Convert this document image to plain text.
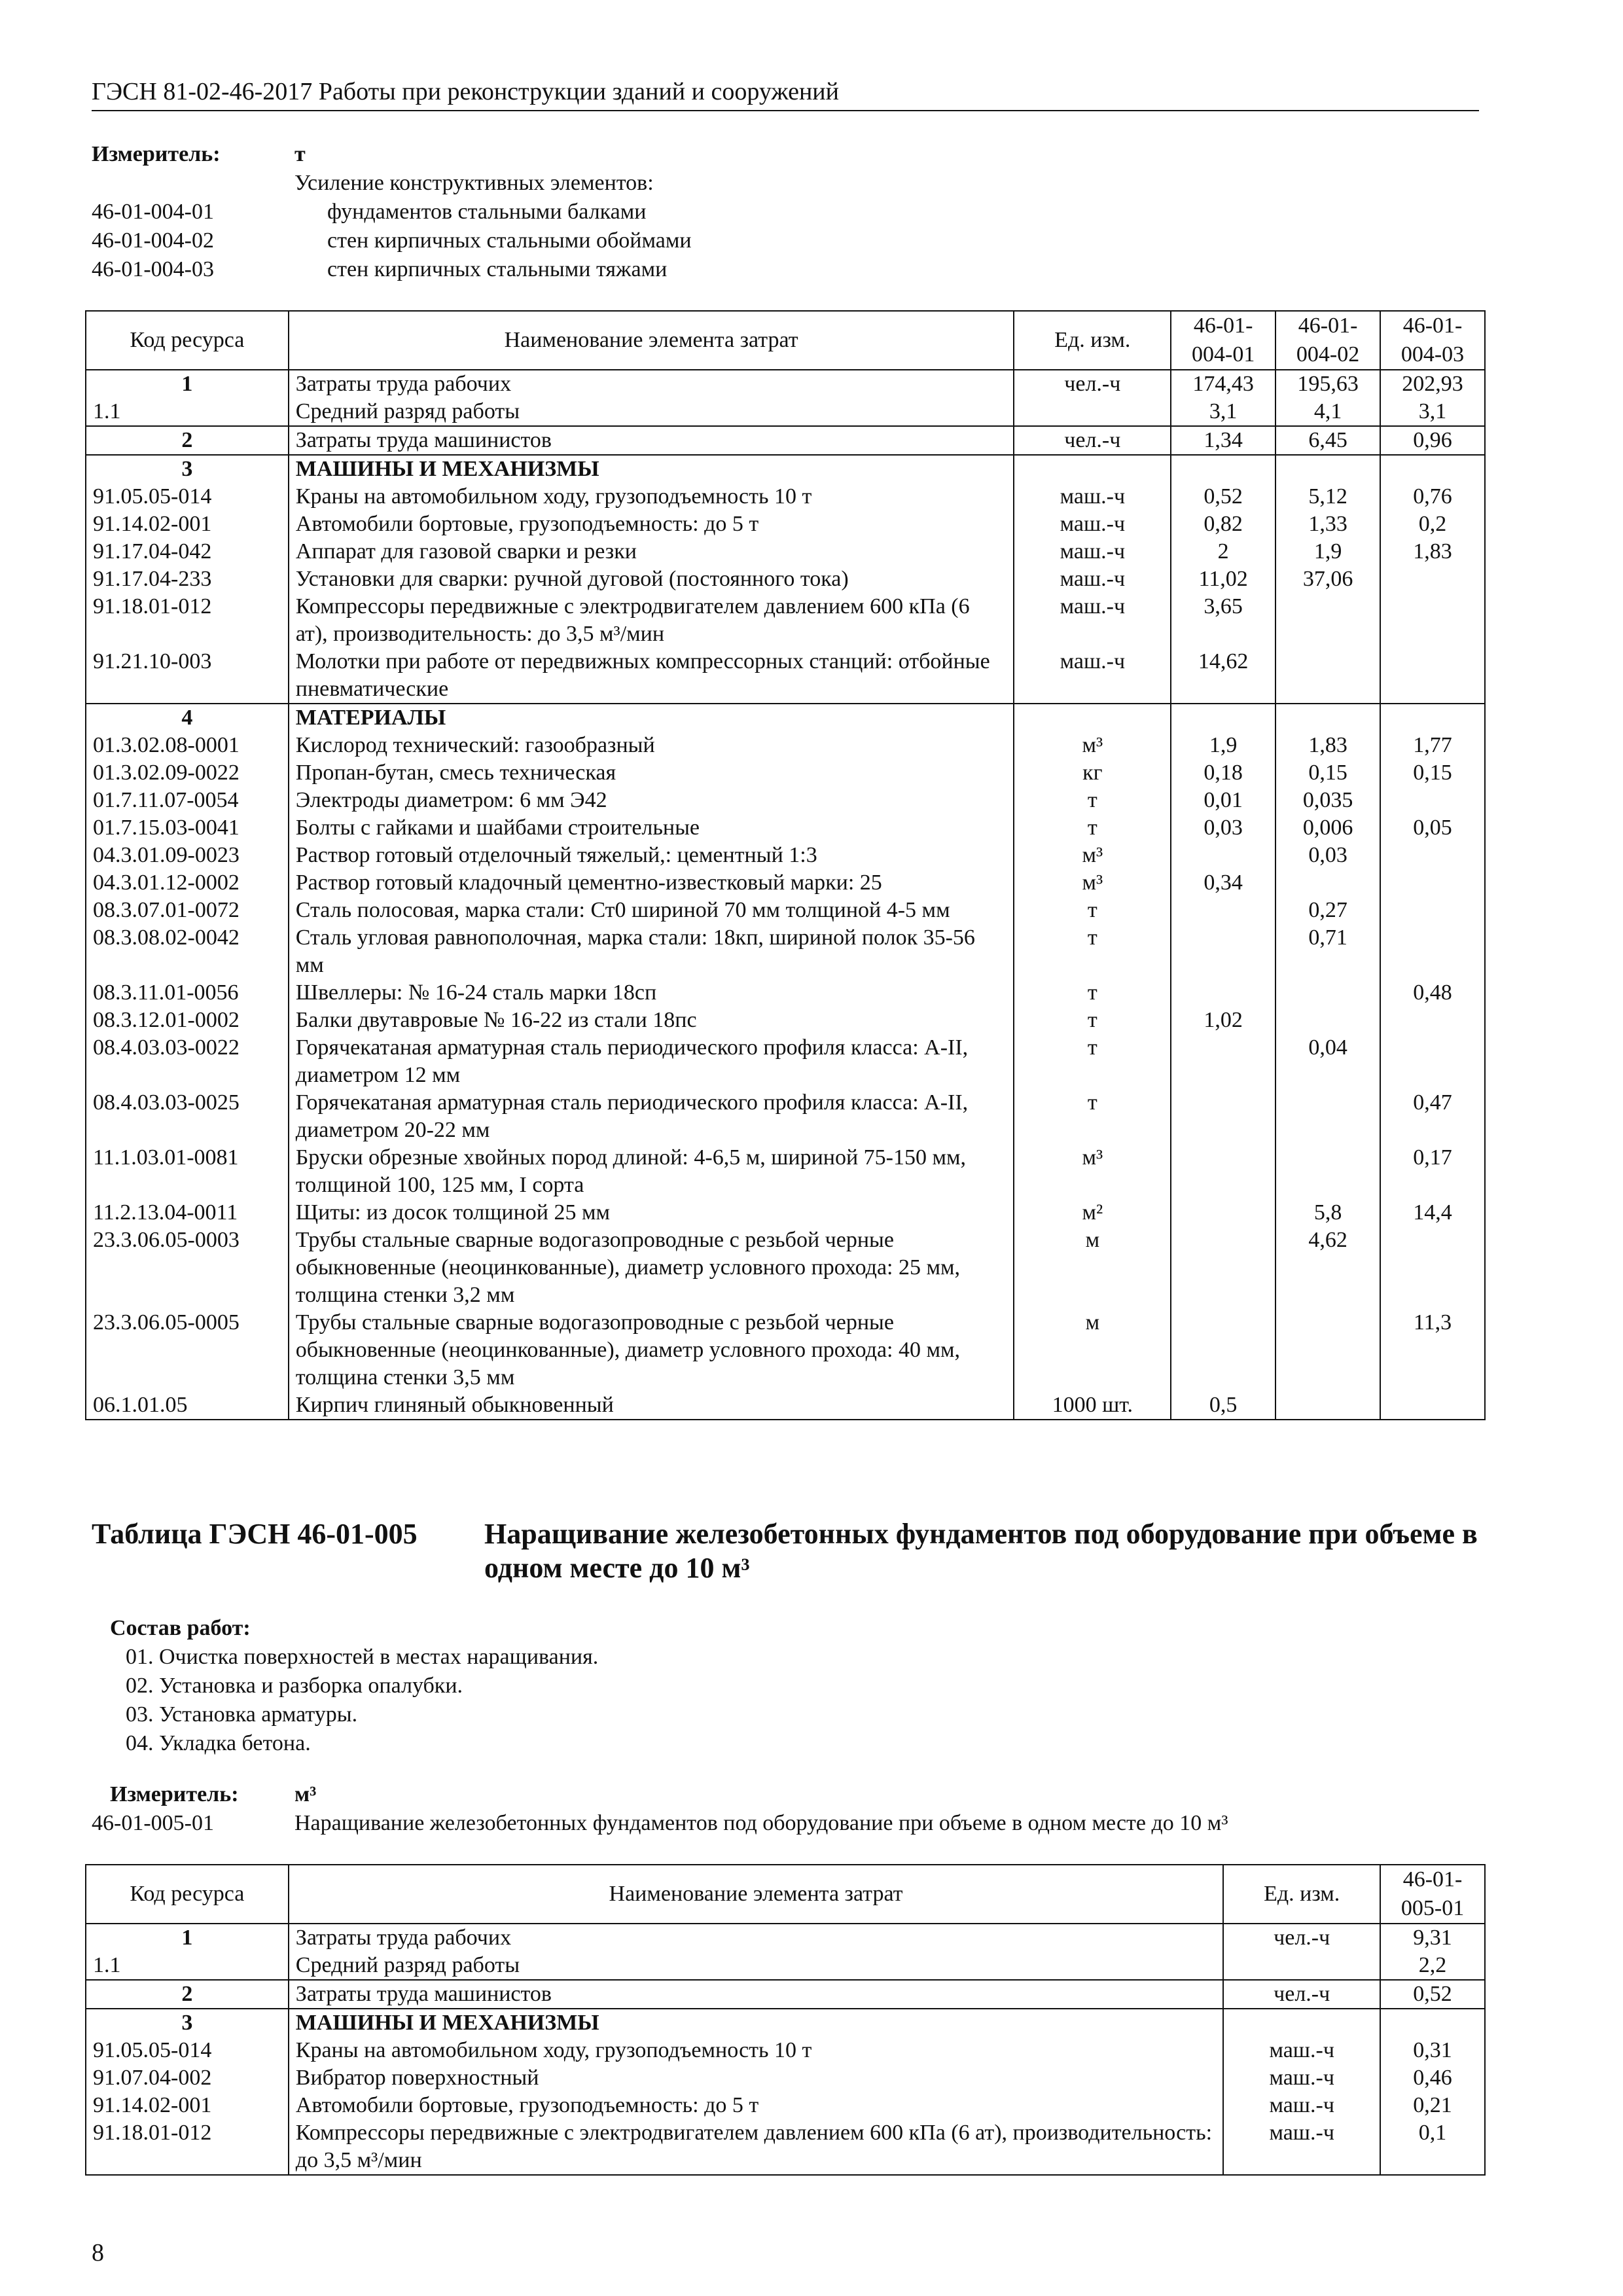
ГЭСН 81-02-46-2017 Работы при реконструкции зданий и сооружений
Измеритель:	т
Усиление конструктивных элементов:
46-01-004-01	фундаментов стальными балками
46-01-004-02	стен кирпичных стальными обоймами
46-01-004-03	стен кирпичных стальными тяжами
Код ресурса	Наименование элемента затрат	Ед. изм.	46-01-004-01	46-01-004-02	46-01-004-03
1	Затраты труда рабочих	чел.-ч	174,43	195,63	202,93
1.1	Средний разряд работы		3,1	4,1	3,1
2	Затраты труда машинистов	чел.-ч	1,34	6,45	0,96
3	МАШИНЫ И МЕХАНИЗМЫ				
91.05.05-014	Краны на автомобильном ходу, грузоподъемность 10 т	маш.-ч	0,52	5,12	0,76
91.14.02-001	Автомобили бортовые, грузоподъемность: до 5 т	маш.-ч	0,82	1,33	0,2
91.17.04-042	Аппарат для газовой сварки и резки	маш.-ч	2	1,9	1,83
91.17.04-233	Установки для сварки: ручной дуговой (постоянного тока)	маш.-ч	11,02	37,06	
91.18.01-012	Компрессоры передвижные с электродвигателем давлением 600 кПа (6 ат), производительность: до 3,5 м³/мин	маш.-ч	3,65		
91.21.10-003	Молотки при работе от передвижных компрессорных станций: отбойные пневматические	маш.-ч	14,62		
4	МАТЕРИАЛЫ				
01.3.02.08-0001	Кислород технический: газообразный	м³	1,9	1,83	1,77
01.3.02.09-0022	Пропан-бутан, смесь техническая	кг	0,18	0,15	0,15
01.7.11.07-0054	Электроды диаметром: 6 мм Э42	т	0,01	0,035	
01.7.15.03-0041	Болты с гайками и шайбами строительные	т	0,03	0,006	0,05
04.3.01.09-0023	Раствор готовый отделочный тяжелый,: цементный 1:3	м³		0,03	
04.3.01.12-0002	Раствор готовый кладочный цементно-известковый марки: 25	м³	0,34		
08.3.07.01-0072	Сталь полосовая, марка стали: Ст0 шириной 70 мм толщиной 4-5 мм	т		0,27	
08.3.08.02-0042	Сталь угловая равнополочная, марка стали: 18кп, шириной полок 35-56 мм	т		0,71	
08.3.11.01-0056	Швеллеры: № 16-24 сталь марки 18сп	т			0,48
08.3.12.01-0002	Балки двутавровые № 16-22 из стали 18пс	т	1,02		
08.4.03.03-0022	Горячекатаная арматурная сталь периодического профиля класса: А-II, диаметром 12 мм	т		0,04	
08.4.03.03-0025	Горячекатаная арматурная сталь периодического профиля класса: А-II, диаметром 20-22 мм	т			0,47
11.1.03.01-0081	Бруски обрезные хвойных пород длиной: 4-6,5 м, шириной 75-150 мм, толщиной 100, 125 мм, I сорта	м³			0,17
11.2.13.04-0011	Щиты: из досок толщиной 25 мм	м²		5,8	14,4
23.3.06.05-0003	Трубы стальные сварные водогазопроводные с резьбой черные обыкновенные (неоцинкованные), диаметр условного прохода: 25 мм, толщина стенки 3,2 мм	м		4,62	
23.3.06.05-0005	Трубы стальные сварные водогазопроводные с резьбой черные обыкновенные (неоцинкованные), диаметр условного прохода: 40 мм, толщина стенки 3,5 мм	м			11,3
06.1.01.05	Кирпич глиняный обыкновенный	1000 шт.	0,5		
Таблица ГЭСН 46-01-005	Наращивание железобетонных фундаментов под оборудование при объеме в одном месте до 10 м³
Состав работ:
01. Очистка поверхностей в местах наращивания.
02. Установка и разборка опалубки.
03. Установка арматуры.
04. Укладка бетона.
Измеритель:	м³
46-01-005-01	Наращивание железобетонных фундаментов под оборудование при объеме в одном месте до 10 м³
Код ресурса	Наименование элемента затрат	Ед. изм.	46-01-005-01
1	Затраты труда рабочих	чел.-ч	9,31
1.1	Средний разряд работы		2,2
2	Затраты труда машинистов	чел.-ч	0,52
3	МАШИНЫ И МЕХАНИЗМЫ		
91.05.05-014	Краны на автомобильном ходу, грузоподъемность 10 т	маш.-ч	0,31
91.07.04-002	Вибратор поверхностный	маш.-ч	0,46
91.14.02-001	Автомобили бортовые, грузоподъемность: до 5 т	маш.-ч	0,21
91.18.01-012	Компрессоры передвижные с электродвигателем давлением 600 кПа (6 ат), производительность: до 3,5 м³/мин	маш.-ч	0,1
8
